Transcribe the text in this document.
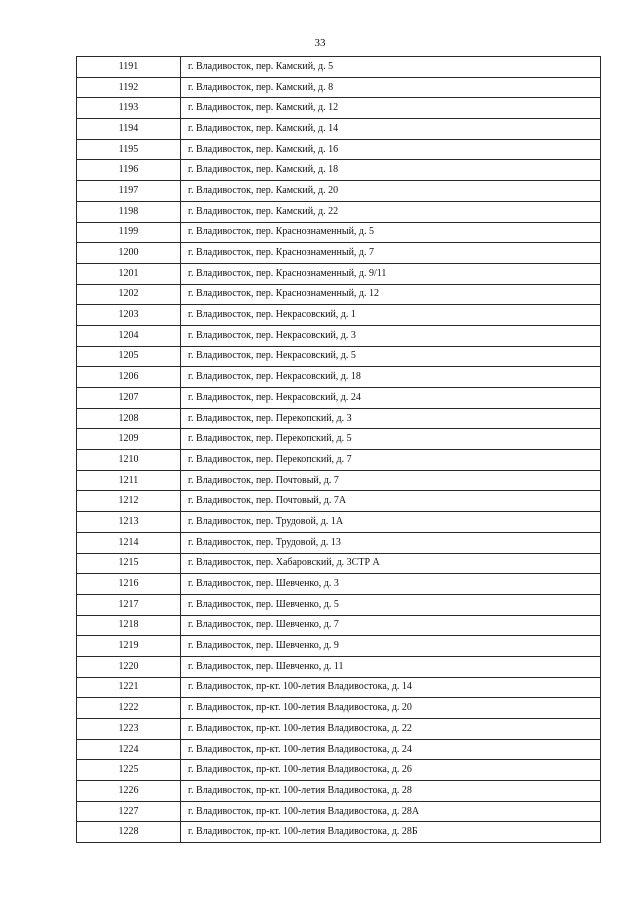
33
1191	г. Владивосток, пер. Камский, д. 5
1192	г. Владивосток, пер. Камский, д. 8
1193	г. Владивосток, пер. Камский, д. 12
1194	г. Владивосток, пер. Камский, д. 14
1195	г. Владивосток, пер. Камский, д. 16
1196	г. Владивосток, пер. Камский, д. 18
1197	г. Владивосток, пер. Камский, д. 20
1198	г. Владивосток, пер. Камский, д. 22
1199	г. Владивосток, пер. Краснознаменный, д. 5
1200	г. Владивосток, пер. Краснознаменный, д. 7
1201	г. Владивосток, пер. Краснознаменный, д. 9/11
1202	г. Владивосток, пер. Краснознаменный, д. 12
1203	г. Владивосток, пер. Некрасовский, д. 1
1204	г. Владивосток, пер. Некрасовский, д. 3
1205	г. Владивосток, пер. Некрасовский, д. 5
1206	г. Владивосток, пер. Некрасовский, д. 18
1207	г. Владивосток, пер. Некрасовский, д. 24
1208	г. Владивосток, пер. Перекопский, д. 3
1209	г. Владивосток, пер. Перекопский, д. 5
1210	г. Владивосток, пер. Перекопский, д. 7
1211	г. Владивосток, пер. Почтовый, д. 7
1212	г. Владивосток, пер. Почтовый, д. 7А
1213	г. Владивосток, пер. Трудовой, д. 1А
1214	г. Владивосток, пер. Трудовой, д. 13
1215	г. Владивосток, пер. Хабаровский, д. 3СТР А
1216	г. Владивосток, пер. Шевченко, д. 3
1217	г. Владивосток, пер. Шевченко, д. 5
1218	г. Владивосток, пер. Шевченко, д. 7
1219	г. Владивосток, пер. Шевченко, д. 9
1220	г. Владивосток, пер. Шевченко, д. 11
1221	г. Владивосток, пр-кт. 100-летия Владивостока, д. 14
1222	г. Владивосток, пр-кт. 100-летия Владивостока, д. 20
1223	г. Владивосток, пр-кт. 100-летия Владивостока, д. 22
1224	г. Владивосток, пр-кт. 100-летия Владивостока, д. 24
1225	г. Владивосток, пр-кт. 100-летия Владивостока, д. 26
1226	г. Владивосток, пр-кт. 100-летия Владивостока, д. 28
1227	г. Владивосток, пр-кт. 100-летия Владивостока, д. 28А
1228	г. Владивосток, пр-кт. 100-летия Владивостока, д. 28Б
